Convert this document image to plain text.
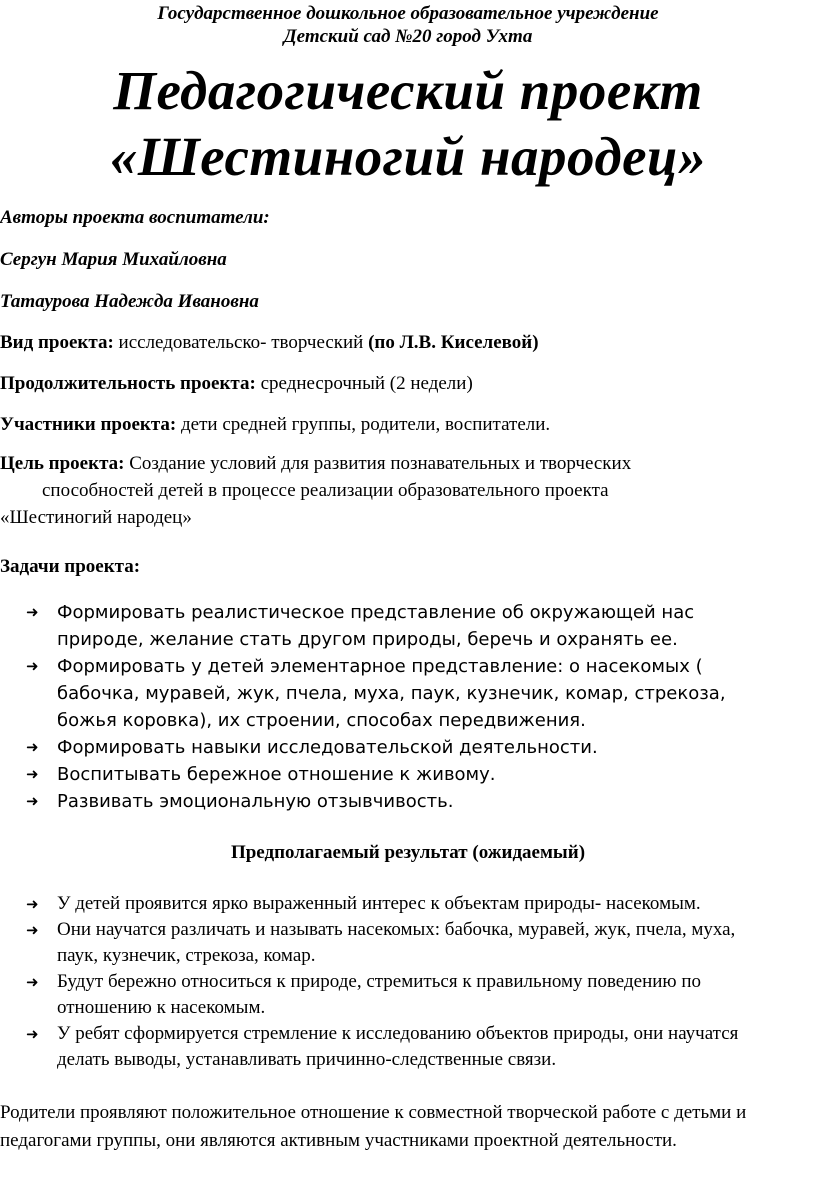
Государственное дошкольное образовательное учреждение

Детский сад №20 город Ухта

Педагогический проект

«Шестиногий народец»

Авторы проекта воспитатели:

Сергун Мария Михайловна

Татаурова Надежда Ивановна

Вид проекта: исследовательско- творческий (по Л.В. Киселевой)

Продолжительность проекта: среднесрочный (2 недели)

Участники проекта: дети средней группы, родители, воспитатели.

Цель проекта: Создание условий для развития познавательных и творческих
способностей детей в процессе реализации образовательного проекта
«Шестиногий народец»

Задачи проекта:

➜	Формировать реалистическое представление об окружающей нас природе, желание стать другом природы, беречь и охранять ее.
➜	Формировать у детей элементарное представление: о насекомых ( бабочка, муравей, жук, пчела, муха, паук, кузнечик, комар, стрекоза, божья коровка), их строении, способах передвижения.
➜	Формировать навыки исследовательской деятельности.
➜	Воспитывать бережное отношение к живому.
➜	Развивать эмоциональную отзывчивость.

Предполагаемый результат (ожидаемый)

➜ У детей проявится ярко выраженный интерес к объектам природы- насекомым.
➜ Они научатся различать и называть насекомых: бабочка, муравей, жук, пчела, муха, паук, кузнечик, стрекоза, комар.
➜ Будут бережно относиться к природе, стремиться к правильному поведению по отношению к насекомым.
➜ У ребят сформируется стремление к исследованию объектов природы, они научатся делать выводы, устанавливать причинно-следственные связи.

Родители проявляют положительное отношение к совместной творческой работе с детьми и педагогами группы, они являются активным участниками проектной деятельности.
